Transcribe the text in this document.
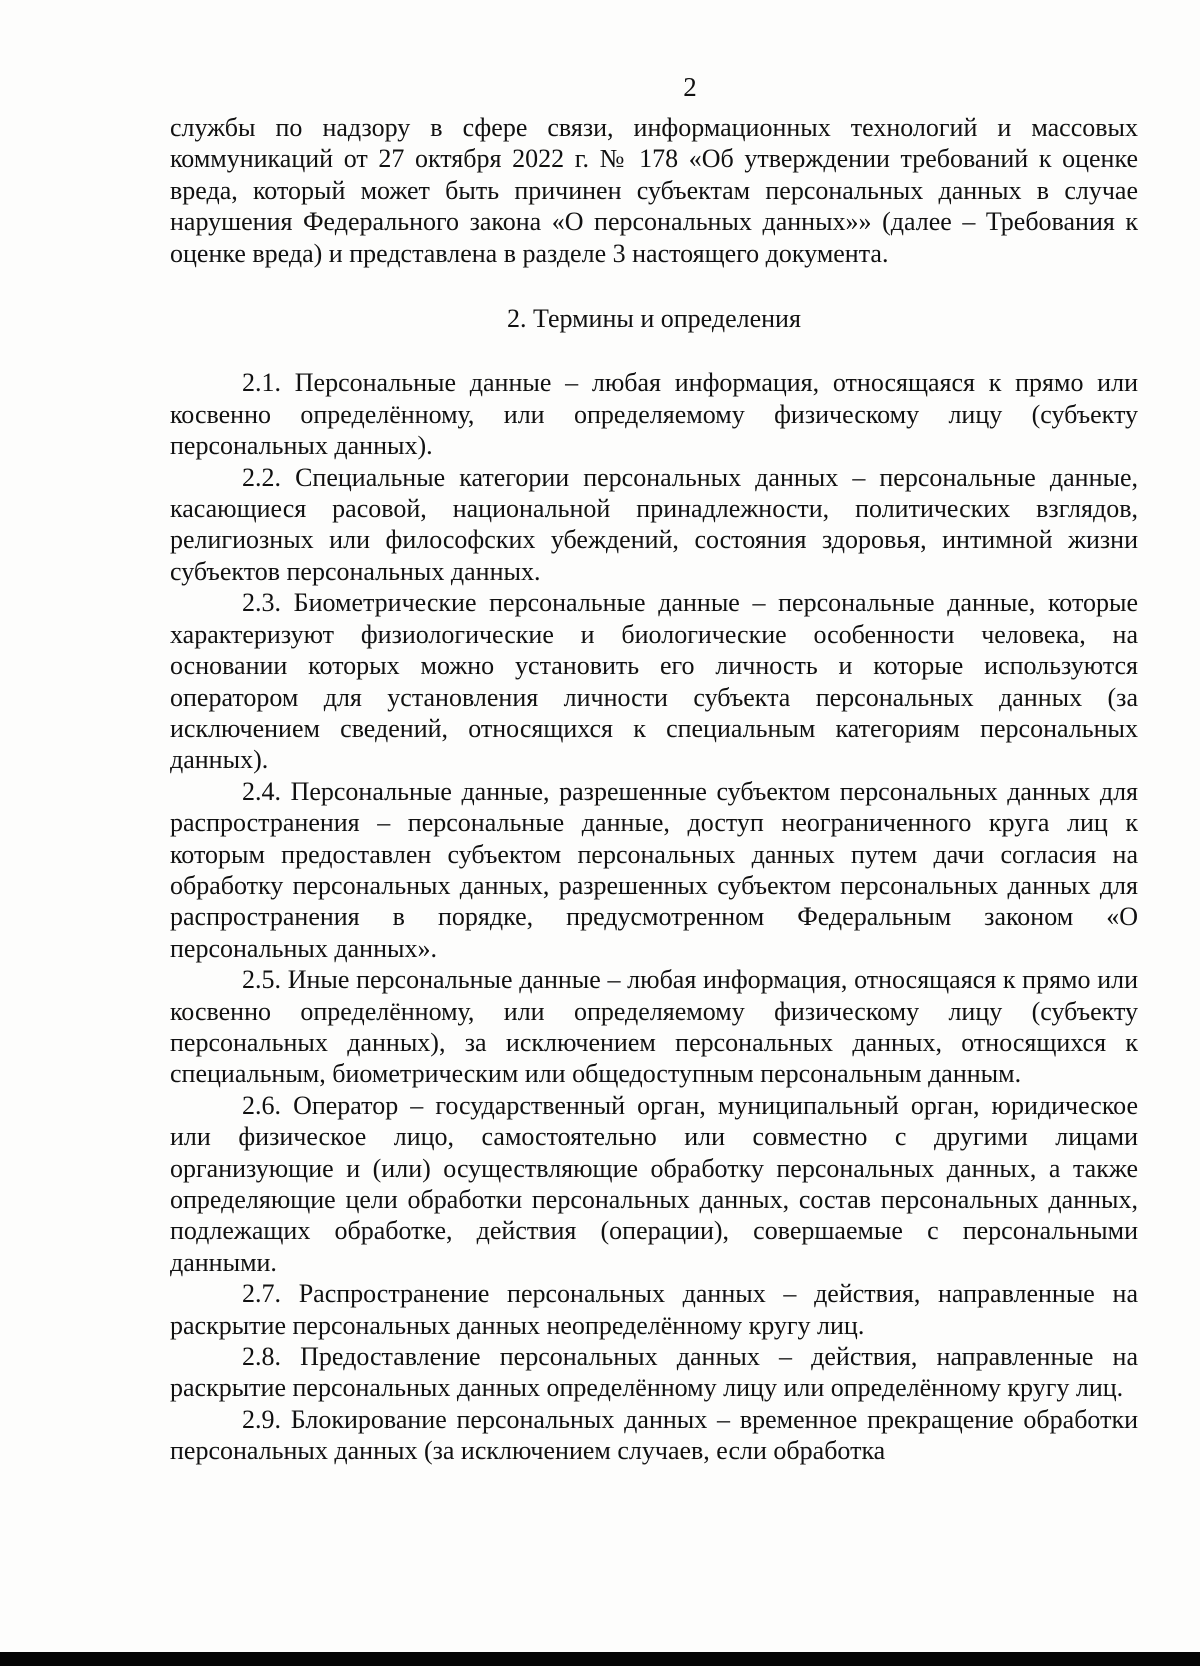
2

службы по надзору в сфере связи, информационных технологий и массовых коммуникаций от 27 октября 2022 г. № 178 «Об утверждении требований к оценке вреда, который может быть причинен субъектам персональных данных в случае нарушения Федерального закона «О персональных данных»» (далее – Требования к оценке вреда) и представлена в разделе 3 настоящего документа.

2. Термины и определения

2.1. Персональные данные – любая информация, относящаяся к прямо или косвенно определённому, или определяемому физическому лицу (субъекту персональных данных).

2.2. Специальные категории персональных данных – персональные данные, касающиеся расовой, национальной принадлежности, политических взглядов, религиозных или философских убеждений, состояния здоровья, интимной жизни субъектов персональных данных.

2.3. Биометрические персональные данные – персональные данные, которые характеризуют физиологические и биологические особенности человека, на основании которых можно установить его личность и которые используются оператором для установления личности субъекта персональных данных (за исключением сведений, относящихся к специальным категориям персональных данных).

2.4. Персональные данные, разрешенные субъектом персональных данных для распространения – персональные данные, доступ неограниченного круга лиц к которым предоставлен субъектом персональных данных путем дачи согласия на обработку персональных данных, разрешенных субъектом персональных данных для распространения в порядке, предусмотренном Федеральным законом «О персональных данных».

2.5. Иные персональные данные – любая информация, относящаяся к прямо или косвенно определённому, или определяемому физическому лицу (субъекту персональных данных), за исключением персональных данных, относящихся к специальным, биометрическим или общедоступным персональным данным.

2.6. Оператор – государственный орган, муниципальный орган, юридическое или физическое лицо, самостоятельно или совместно с другими лицами организующие и (или) осуществляющие обработку персональных данных, а также определяющие цели обработки персональных данных, состав персональных данных, подлежащих обработке, действия (операции), совершаемые с персональными данными.

2.7. Распространение персональных данных – действия, направленные на раскрытие персональных данных неопределённому кругу лиц.

2.8. Предоставление персональных данных – действия, направленные на раскрытие персональных данных определённому лицу или определённому кругу лиц.

2.9. Блокирование персональных данных – временное прекращение обработки персональных данных (за исключением случаев, если обработка
